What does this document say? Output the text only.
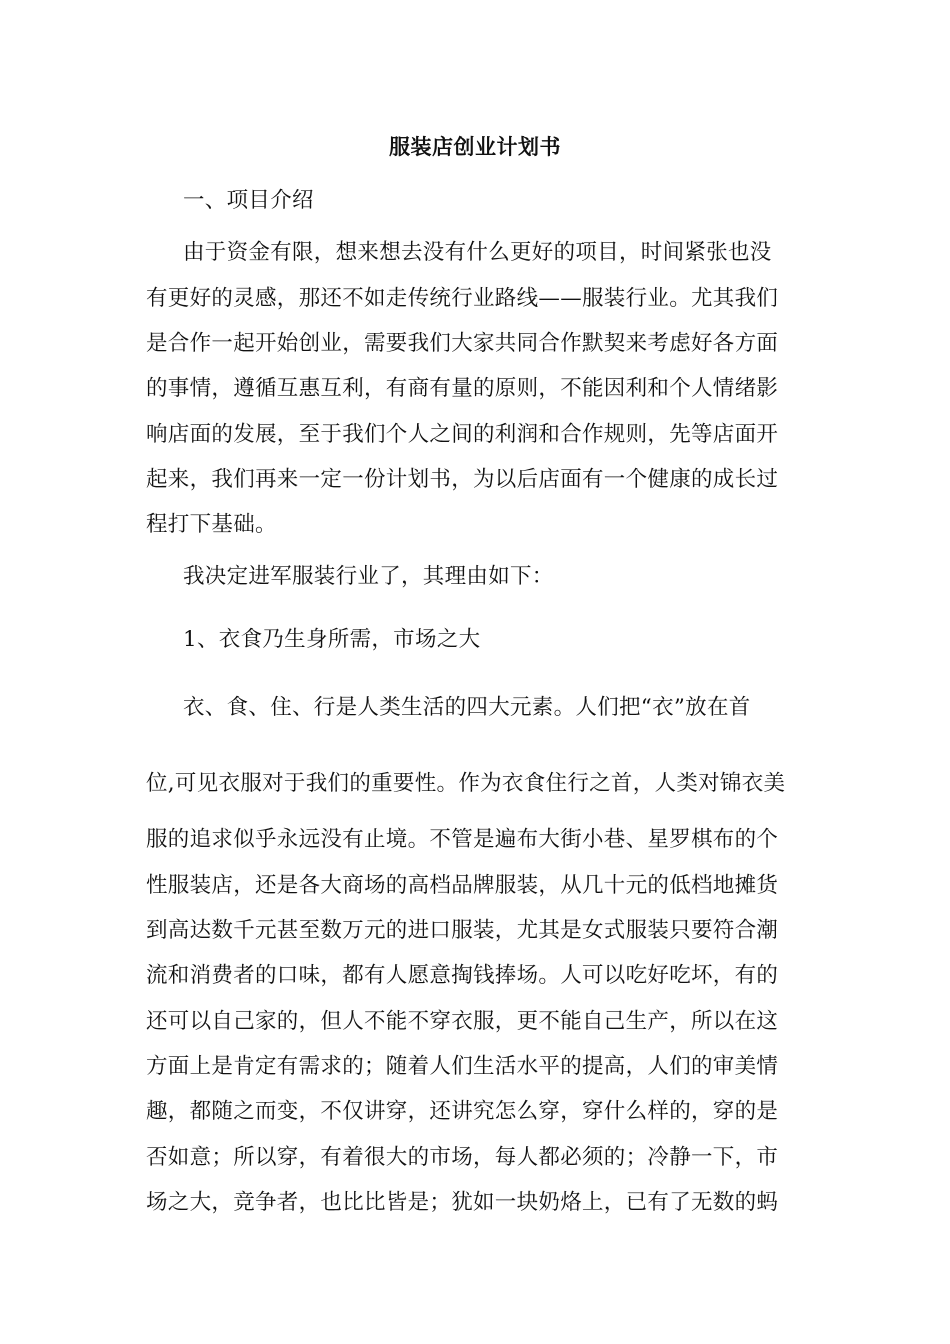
服装店创业计划书
一、项目介绍
由于资金有限，想来想去没有什么更好的项目，时间紧张也没
有更好的灵感，那还不如走传统行业路线——服装行业。尤其我们
是合作一起开始创业，需要我们大家共同合作默契来考虑好各方面
的事情，遵循互惠互利，有商有量的原则，不能因利和个人情绪影
响店面的发展，至于我们个人之间的利润和合作规则，先等店面开
起来，我们再来一定一份计划书，为以后店面有一个健康的成长过
程打下基础。
我决定进军服装行业了，其理由如下：
1、衣食乃生身所需，市场之大
衣、食、住、行是人类生活的四大元素。人们把“衣”放在首
位,可见衣服对于我们的重要性。作为衣食住行之首，人类对锦衣美
服的追求似乎永远没有止境。不管是遍布大街小巷、星罗棋布的个
性服装店，还是各大商场的高档品牌服装，从几十元的低档地摊货
到高达数千元甚至数万元的进口服装，尤其是女式服装只要符合潮
流和消费者的口味，都有人愿意掏钱捧场。人可以吃好吃坏，有的
还可以自己家的，但人不能不穿衣服，更不能自己生产，所以在这
方面上是肯定有需求的；随着人们生活水平的提高，人们的审美情
趣，都随之而变，不仅讲穿，还讲究怎么穿，穿什么样的，穿的是
否如意；所以穿，有着很大的市场，每人都必须的；冷静一下，市
场之大，竞争者，也比比皆是；犹如一块奶烙上，已有了无数的蚂
